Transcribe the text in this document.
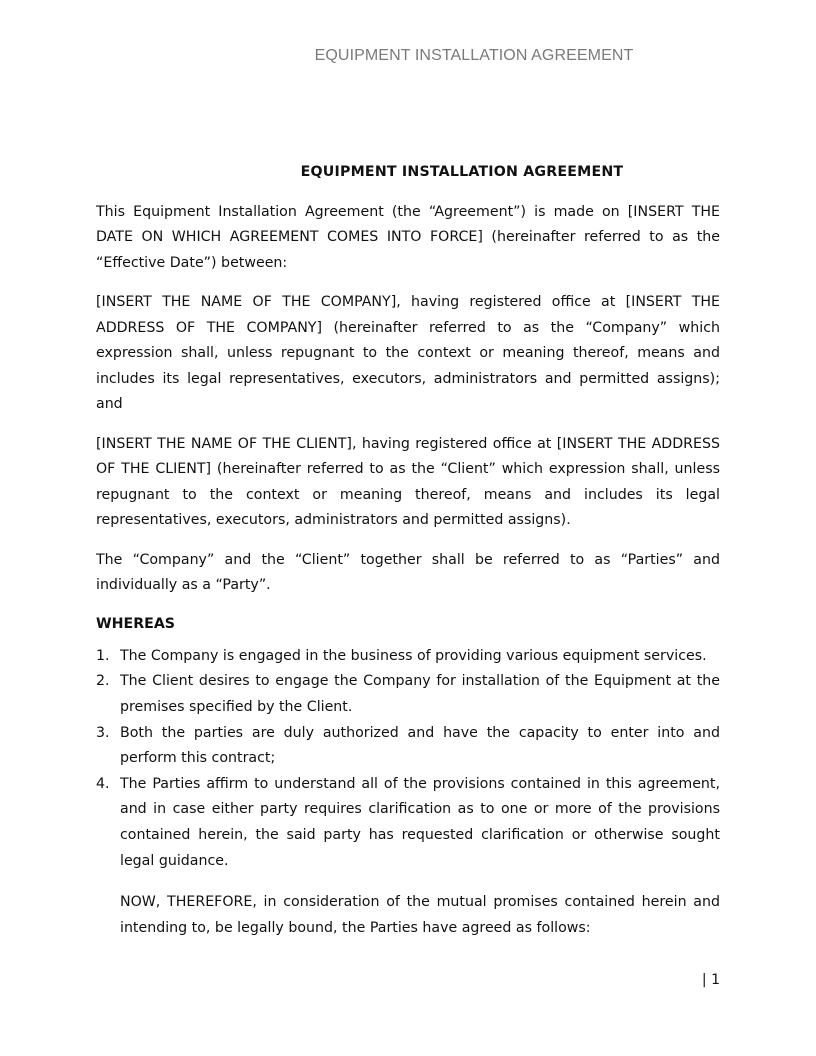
EQUIPMENT INSTALLATION AGREEMENT
EQUIPMENT INSTALLATION AGREEMENT

This Equipment Installation Agreement (the “Agreement”) is made on [INSERT THE DATE ON WHICH AGREEMENT COMES INTO FORCE] (hereinafter referred to as the “Effective Date”) between:

[INSERT THE NAME OF THE COMPANY], having registered office at [INSERT THE ADDRESS OF THE COMPANY] (hereinafter referred to as the “Company” which expression shall, unless repugnant to the context or meaning thereof, means and includes its legal representatives, executors, administrators and permitted assigns); and

[INSERT THE NAME OF THE CLIENT], having registered office at [INSERT THE ADDRESS OF THE CLIENT] (hereinafter referred to as the “Client” which expression shall, unless repugnant to the context or meaning thereof, means and includes its legal representatives, executors, administrators and permitted assigns).

The “Company” and the “Client” together shall be referred to as “Parties” and individually as a “Party”.

WHEREAS
1. The Company is engaged in the business of providing various equipment services.
2. The Client desires to engage the Company for installation of the Equipment at the premises specified by the Client.
3. Both the parties are duly authorized and have the capacity to enter into and perform this contract;
4. The Parties affirm to understand all of the provisions contained in this agreement, and in case either party requires clarification as to one or more of the provisions contained herein, the said party has requested clarification or otherwise sought legal guidance.

NOW, THEREFORE, in consideration of the mutual promises contained herein and intending to, be legally bound, the Parties have agreed as follows:

| 1
